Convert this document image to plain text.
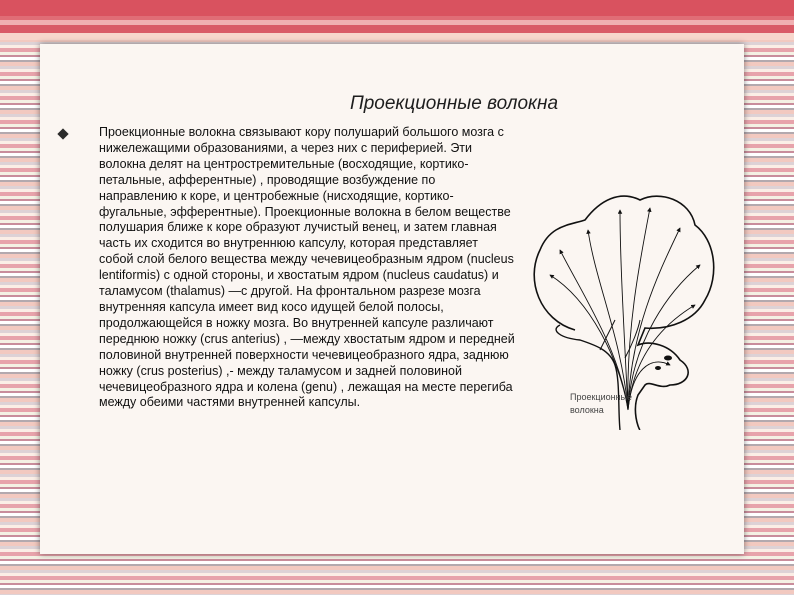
Проекционные волокна
Проекционные волокна связывают кору полушарий большого мозга с нижележащими образованиями, а через них с периферией. Эти волокна делят на центростремительные (восходящие, кортико-петальные, афферентные) , проводящие возбуждение по направлению к коре, и центробежные (нисходящие, кортико-фугальные, эфферентные). Проекционные волокна в белом веществе полушария ближе к коре образуют лучистый венец, и затем главная часть их сходится во внутреннюю капсулу, которая представляет собой слой белого вещества между чечевицеобразным ядром (nucleus lentiformis) с одной стороны, и хвостатым ядром (nucleus caudatus) и таламусом (thalamus) —с другой. На фронтальном разрезе мозга внутренняя капсула имеет вид косо идущей белой полосы, продолжающейся в ножку мозга. Во внутренней капсуле различают переднюю ножку (crus anterius) , —между хвостатым ядром и передней половиной внутренней поверхности чечевицеобразного ядра, заднюю ножку (crus posterius) ,- между таламусом и задней половиной чечевицеобразного ядра и колена (genu) , лежащая на месте перегиба между обеими частями внутренней капсулы.	Проекционные
волокна
